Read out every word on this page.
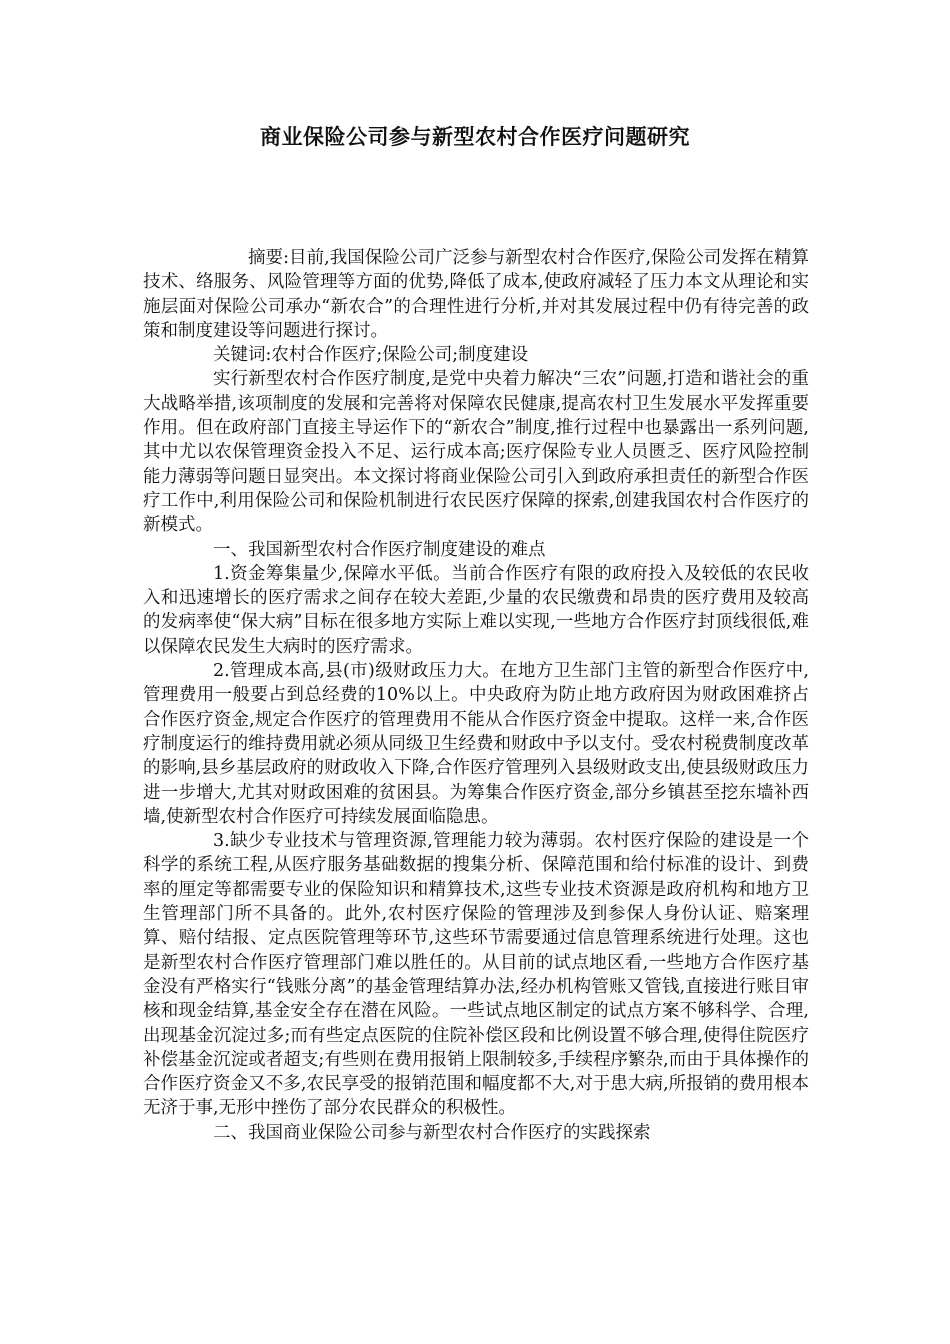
商业保险公司参与新型农村合作医疗问题研究

摘要:目前,我国保险公司广泛参与新型农村合作医疗,保险公司发挥在精算技术、络服务、风险管理等方面的优势,降低了成本,使政府减轻了压力本文从理论和实施层面对保险公司承办“新农合”的合理性进行分析,并对其发展过程中仍有待完善的政策和制度建设等问题进行探讨。

关键词:农村合作医疗;保险公司;制度建设

实行新型农村合作医疗制度,是党中央着力解决“三农”问题,打造和谐社会的重大战略举措,该项制度的发展和完善将对保障农民健康,提高农村卫生发展水平发挥重要作用。但在政府部门直接主导运作下的“新农合”制度,推行过程中也暴露出一系列问题,其中尤以农保管理资金投入不足、运行成本高;医疗保险专业人员匮乏、医疗风险控制能力薄弱等问题日显突出。本文探讨将商业保险公司引入到政府承担责任的新型合作医疗工作中,利用保险公司和保险机制进行农民医疗保障的探索,创建我国农村合作医疗的新模式。

一、我国新型农村合作医疗制度建设的难点

1.资金筹集量少,保障水平低。当前合作医疗有限的政府投入及较低的农民收入和迅速增长的医疗需求之间存在较大差距,少量的农民缴费和昂贵的医疗费用及较高的发病率使“保大病”目标在很多地方实际上难以实现,一些地方合作医疗封顶线很低,难以保障农民发生大病时的医疗需求。

2.管理成本高,县(市)级财政压力大。在地方卫生部门主管的新型合作医疗中,管理费用一般要占到总经费的10%以上。中央政府为防止地方政府因为财政困难挤占合作医疗资金,规定合作医疗的管理费用不能从合作医疗资金中提取。这样一来,合作医疗制度运行的维持费用就必须从同级卫生经费和财政中予以支付。受农村税费制度改革的影响,县乡基层政府的财政收入下降,合作医疗管理列入县级财政支出,使县级财政压力进一步增大,尤其对财政困难的贫困县。为筹集合作医疗资金,部分乡镇甚至挖东墙补西墙,使新型农村合作医疗可持续发展面临隐患。

3.缺少专业技术与管理资源,管理能力较为薄弱。农村医疗保险的建设是一个科学的系统工程,从医疗服务基础数据的搜集分析、保障范围和给付标准的设计、到费率的厘定等都需要专业的保险知识和精算技术,这些专业技术资源是政府机构和地方卫生管理部门所不具备的。此外,农村医疗保险的管理涉及到参保人身份认证、赔案理算、赔付结报、定点医院管理等环节,这些环节需要通过信息管理系统进行处理。这也是新型农村合作医疗管理部门难以胜任的。从目前的试点地区看,一些地方合作医疗基金没有严格实行“钱账分离”的基金管理结算办法,经办机构管账又管钱,直接进行账目审核和现金结算,基金安全存在潜在风险。一些试点地区制定的试点方案不够科学、合理,出现基金沉淀过多;而有些定点医院的住院补偿区段和比例设置不够合理,使得住院医疗补偿基金沉淀或者超支;有些则在费用报销上限制较多,手续程序繁杂,而由于具体操作的合作医疗资金又不多,农民享受的报销范围和幅度都不大,对于患大病,所报销的费用根本无济于事,无形中挫伤了部分农民群众的积极性。

二、我国商业保险公司参与新型农村合作医疗的实践探索
